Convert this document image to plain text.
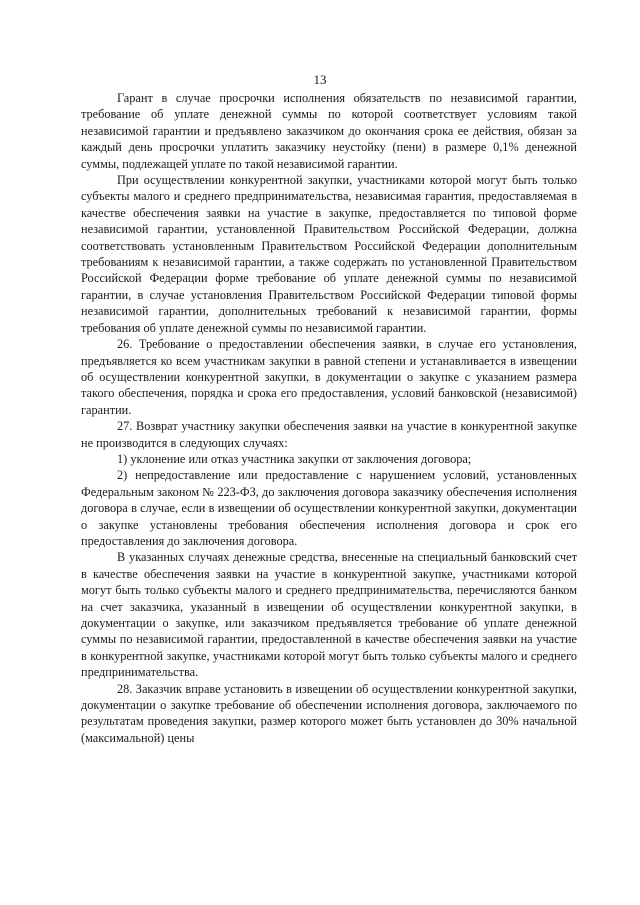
13

Гарант в случае просрочки исполнения обязательств по независимой гарантии, требование об уплате денежной суммы по которой соответствует условиям такой независимой гарантии и предъявлено заказчиком до окончания срока ее действия, обязан за каждый день просрочки уплатить заказчику неустойку (пени) в размере 0,1% денежной суммы, подлежащей уплате по такой независимой гарантии.

При осуществлении конкурентной закупки, участниками которой могут быть только субъекты малого и среднего предпринимательства, независимая гарантия, предоставляемая в качестве обеспечения заявки на участие в закупке, предоставляется по типовой форме независимой гарантии, установленной Правительством Российской Федерации, должна соответствовать установленным Правительством Российской Федерации дополнительным требованиям к независимой гарантии, а также содержать по установленной Правительством Российской Федерации форме требование об уплате денежной суммы по независимой гарантии, в случае установления Правительством Российской Федерации типовой формы независимой гарантии, дополнительных требований к независимой гарантии, формы требования об уплате денежной суммы по независимой гарантии.

26. Требование о предоставлении обеспечения заявки, в случае его установления, предъявляется ко всем участникам закупки в равной степени и устанавливается в извещении об осуществлении конкурентной закупки, в документации о закупке с указанием размера такого обеспечения, порядка и срока его предоставления, условий банковской (независимой) гарантии.

27. Возврат участнику закупки обеспечения заявки на участие в конкурентной закупке не производится в следующих случаях:

1) уклонение или отказ участника закупки от заключения договора;

2) непредоставление или предоставление с нарушением условий, установленных Федеральным законом № 223-ФЗ, до заключения договора заказчику обеспечения исполнения договора в случае, если в извещении об осуществлении конкурентной закупки, документации о закупке установлены требования обеспечения исполнения договора и срок его предоставления до заключения договора.

В указанных случаях денежные средства, внесенные на специальный банковский счет в качестве обеспечения заявки на участие в конкурентной закупке, участниками которой могут быть только субъекты малого и среднего предпринимательства, перечисляются банком на счет заказчика, указанный в извещении об осуществлении конкурентной закупки, в документации о закупке, или заказчиком предъявляется требование об уплате денежной суммы по независимой гарантии, предоставленной в качестве обеспечения заявки на участие в конкурентной закупке, участниками которой могут быть только субъекты малого и среднего предпринимательства.

28. Заказчик вправе установить в извещении об осуществлении конкурентной закупки, документации о закупке требование об обеспечении исполнения договора, заключаемого по результатам проведения закупки, размер которого может быть установлен до 30% начальной (максимальной) цены
